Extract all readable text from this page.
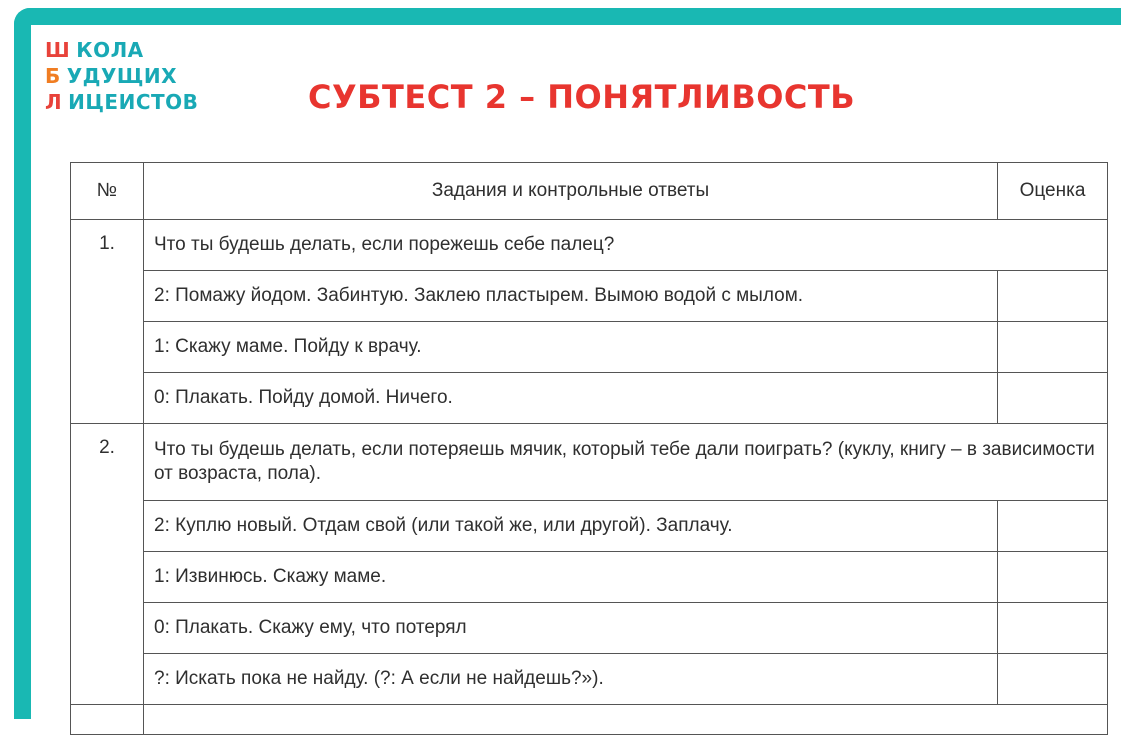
Ш КОЛА
Б УДУЩИХ
Л ИЦЕИСТОВ	СУБТЕСТ 2 – ПОНЯТЛИВОСТЬ
№	Задания и контрольные ответы	Оценка
1.	Что ты будешь делать, если порежешь себе палец?	
	2: Помажу йодом. Забинтую. Заклею пластырем. Вымою водой с мылом.	
	1: Скажу маме. Пойду к врачу.	
	0: Плакать. Пойду домой. Ничего.	
2.	Что ты будешь делать, если потеряешь мячик, который тебе дали поиграть? (куклу, книгу – в зависимости от возраста, пола).	
	2: Куплю новый. Отдам свой (или такой же, или другой). Заплачу.	
	1: Извинюсь. Скажу маме.	
	0: Плакать. Скажу ему, что потерял	
	?: Искать пока не найду. (?: А если не найдешь?»).	
